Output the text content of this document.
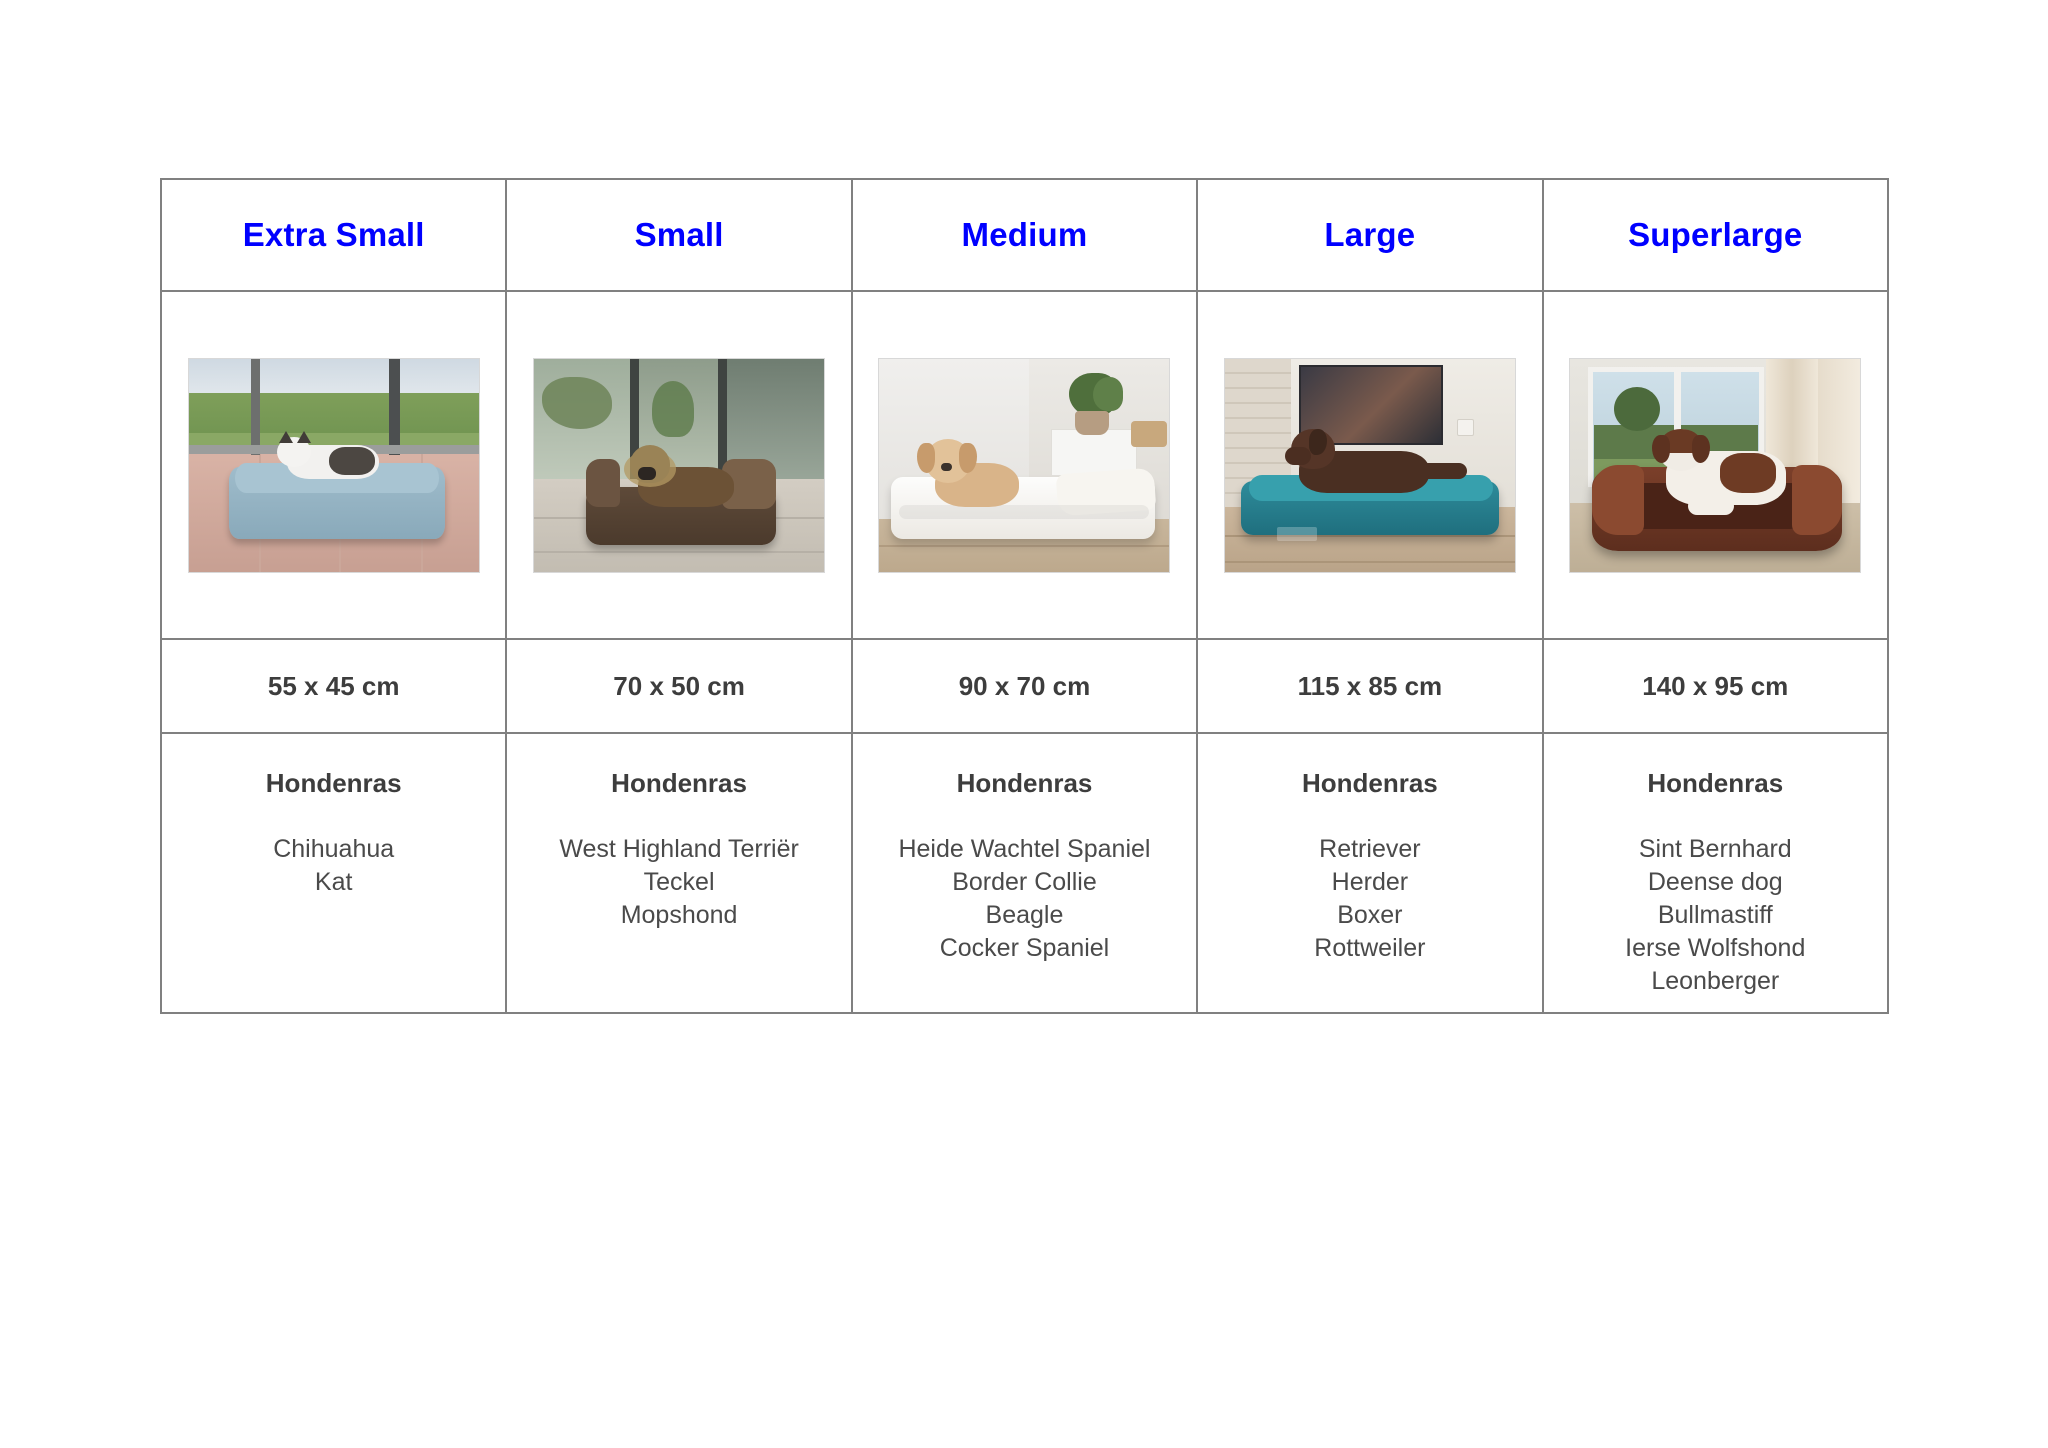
Extra Small	Small	Medium	Large	Superlarge

55 x 45 cm	70 x 50 cm	90 x 70 cm	115 x 85 cm	140 x 95 cm

Hondenras
Chihuahua
Kat

Hondenras
West Highland Terriër
Teckel
Mopshond

Hondenras
Heide Wachtel Spaniel
Border Collie
Beagle
Cocker Spaniel

Hondenras
Retriever
Herder
Boxer
Rottweiler

Hondenras
Sint Bernhard
Deense dog
Bullmastiff
Ierse Wolfshond
Leonberger
